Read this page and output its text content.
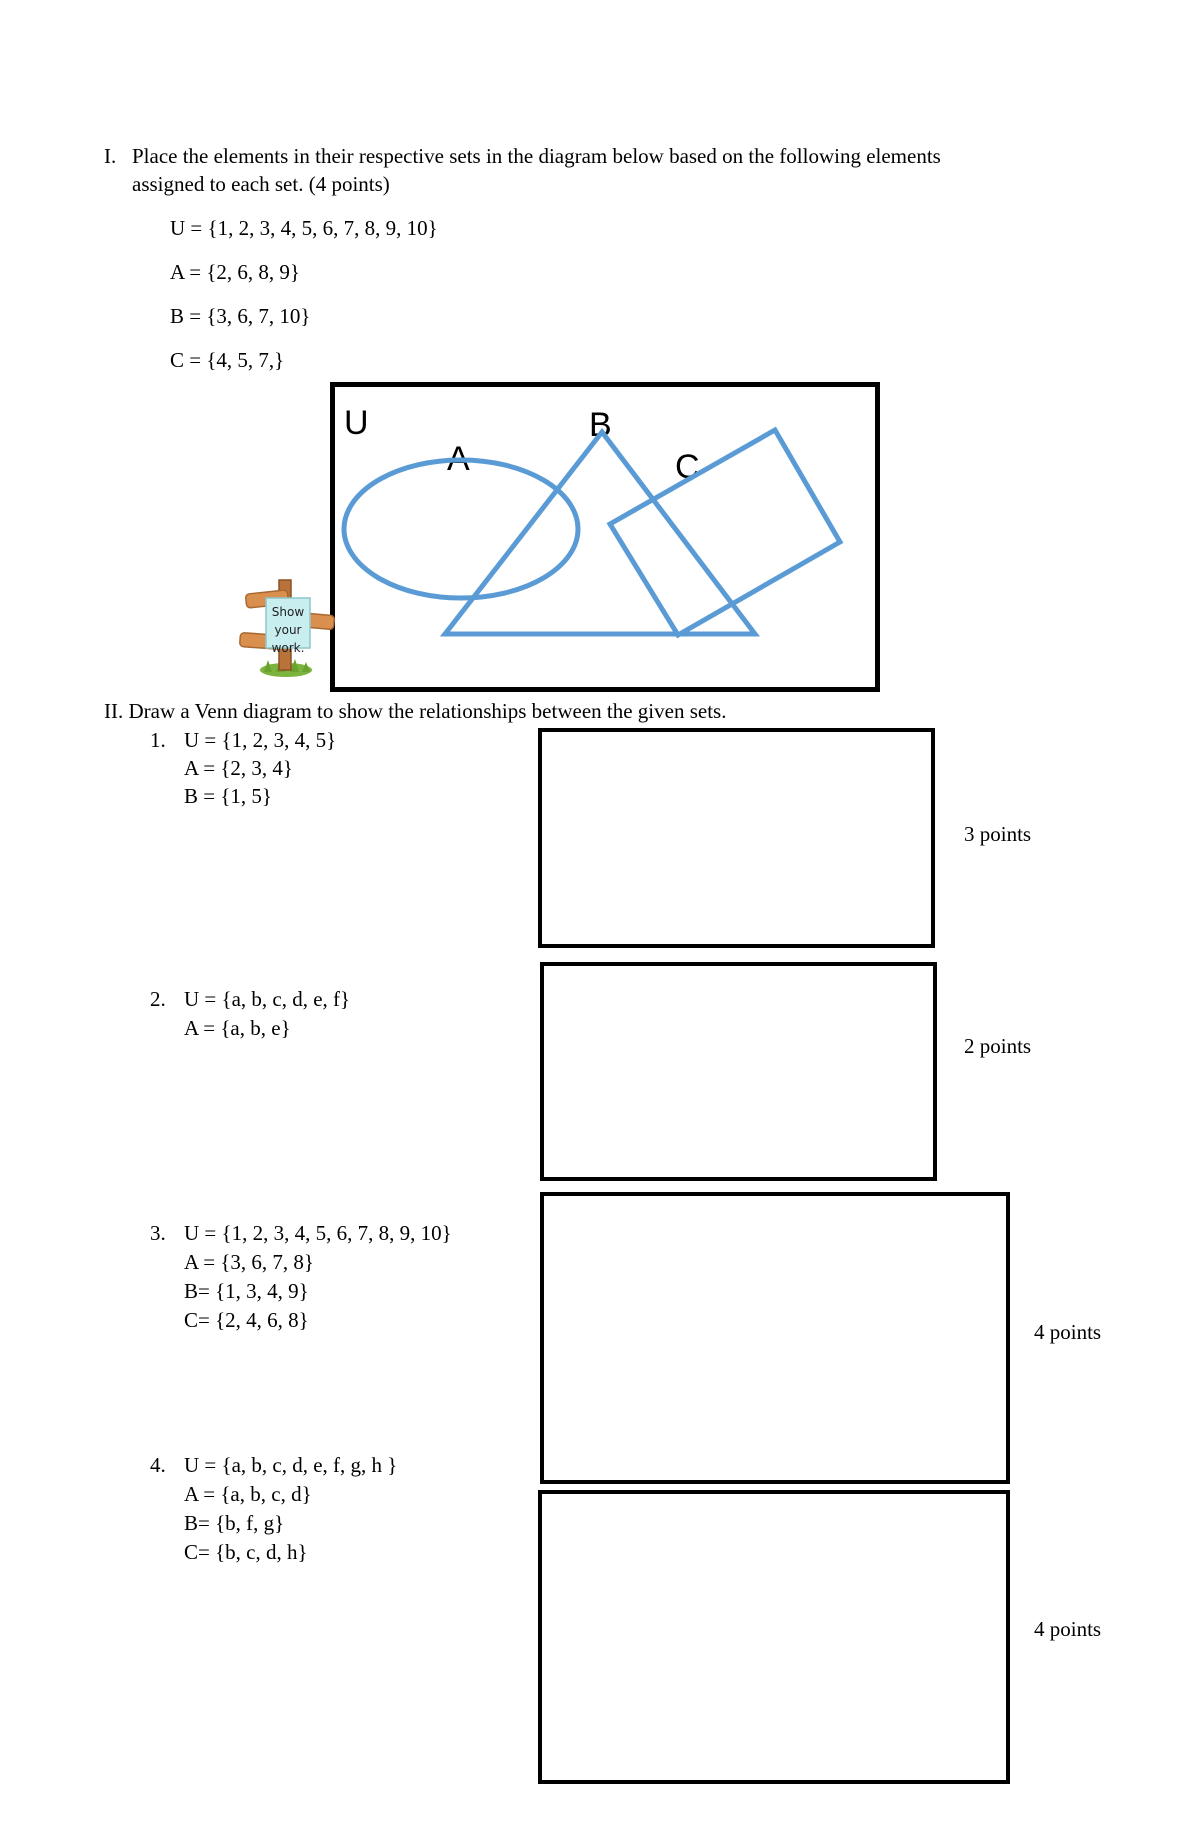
I. Place the elements in their respective sets in the diagram below based on the following elements
assigned to each set. (4 points)
U = {1, 2, 3, 4, 5, 6, 7, 8, 9, 10}
A = {2, 6, 8, 9}
B = {3, 6, 7, 10}
C = {4, 5, 7,}
U
A
B
C
Show
your
work.
II. Draw a Venn diagram to show the relationships between the given sets.
1. U = {1, 2, 3, 4, 5}
A = {2, 3, 4}
B = {1, 5}
3 points
2. U = {a, b, c, d, e, f}
A = {a, b, e}
2 points
3. U = {1, 2, 3, 4, 5, 6, 7, 8, 9, 10}
A = {3, 6, 7, 8}
B= {1, 3, 4, 9}
C= {2, 4, 6, 8}	4 points
4. U = {a, b, c, d, e, f, g, h }
A = {a, b, c, d}
B= {b, f, g}
C= {b, c, d, h}
4 points
